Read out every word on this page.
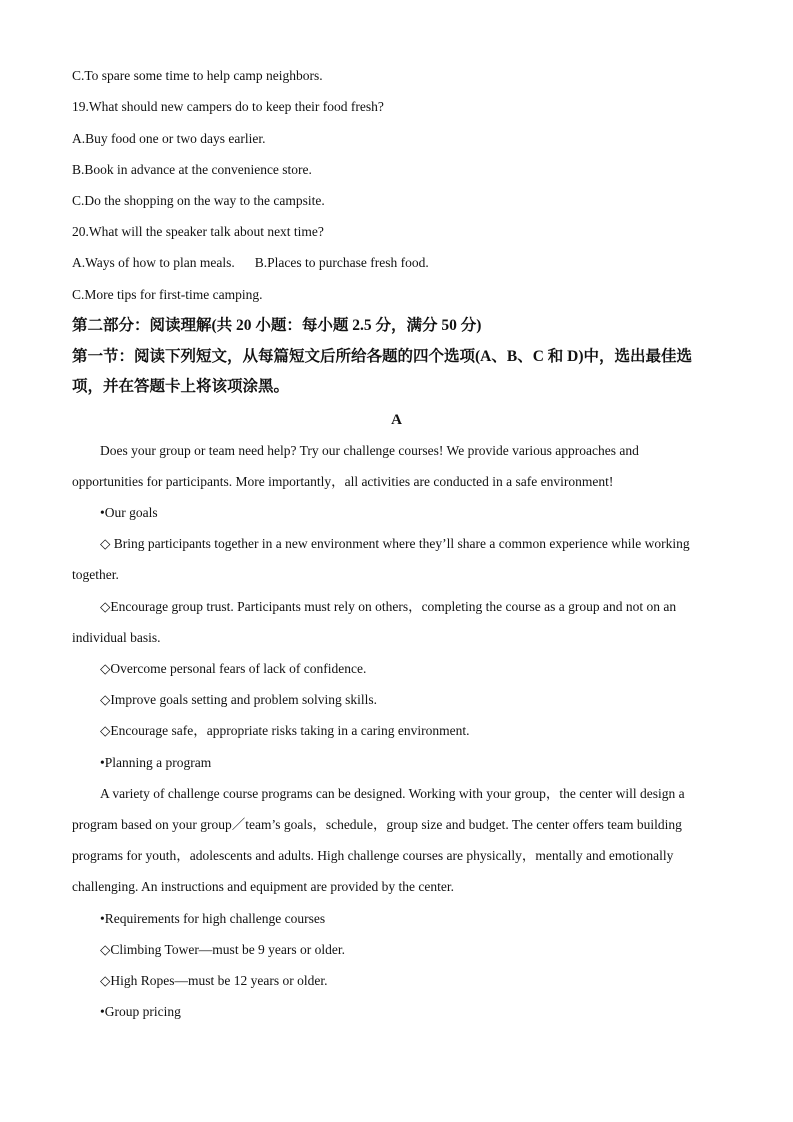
C.To spare some time to help camp neighbors.
19.What should new campers do to keep their food fresh?
A.Buy food one or two days earlier.
B.Book in advance at the convenience store.
C.Do the shopping on the way to the campsite.
20.What will the speaker talk about next time?
A.Ways of how to plan meals. B.Places to purchase fresh food.
C.More tips for first-time camping.
第二部分：阅读理解(共 20 小题：每小题 2.5 分，满分 50 分)
第一节：阅读下列短文，从每篇短文后所给各题的四个选项(A、B、C 和 D)中，选出最佳选
项，并在答题卡上将该项涂黑。
A
Does your group or team need help? Try our challenge courses! We provide various approaches and
opportunities for participants. More importantly，all activities are conducted in a safe environment!
•Our goals
◇ Bring participants together in a new environment where they’ll share a common experience while working
together.
◇Encourage group trust. Participants must rely on others，completing the course as a group and not on an
individual basis.
◇Overcome personal fears of lack of confidence.
◇Improve goals setting and problem solving skills.
◇Encourage safe，appropriate risks taking in a caring environment.
•Planning a program
A variety of challenge course programs can be designed. Working with your group，the center will design a
program based on your group／team’s goals，schedule，group size and budget. The center offers team building
programs for youth，adolescents and adults. High challenge courses are physically，mentally and emotionally
challenging. An instructions and equipment are provided by the center.
•Requirements for high challenge courses
◇Climbing Tower—must be 9 years or older.
◇High Ropes—must be 12 years or older.
•Group pricing
